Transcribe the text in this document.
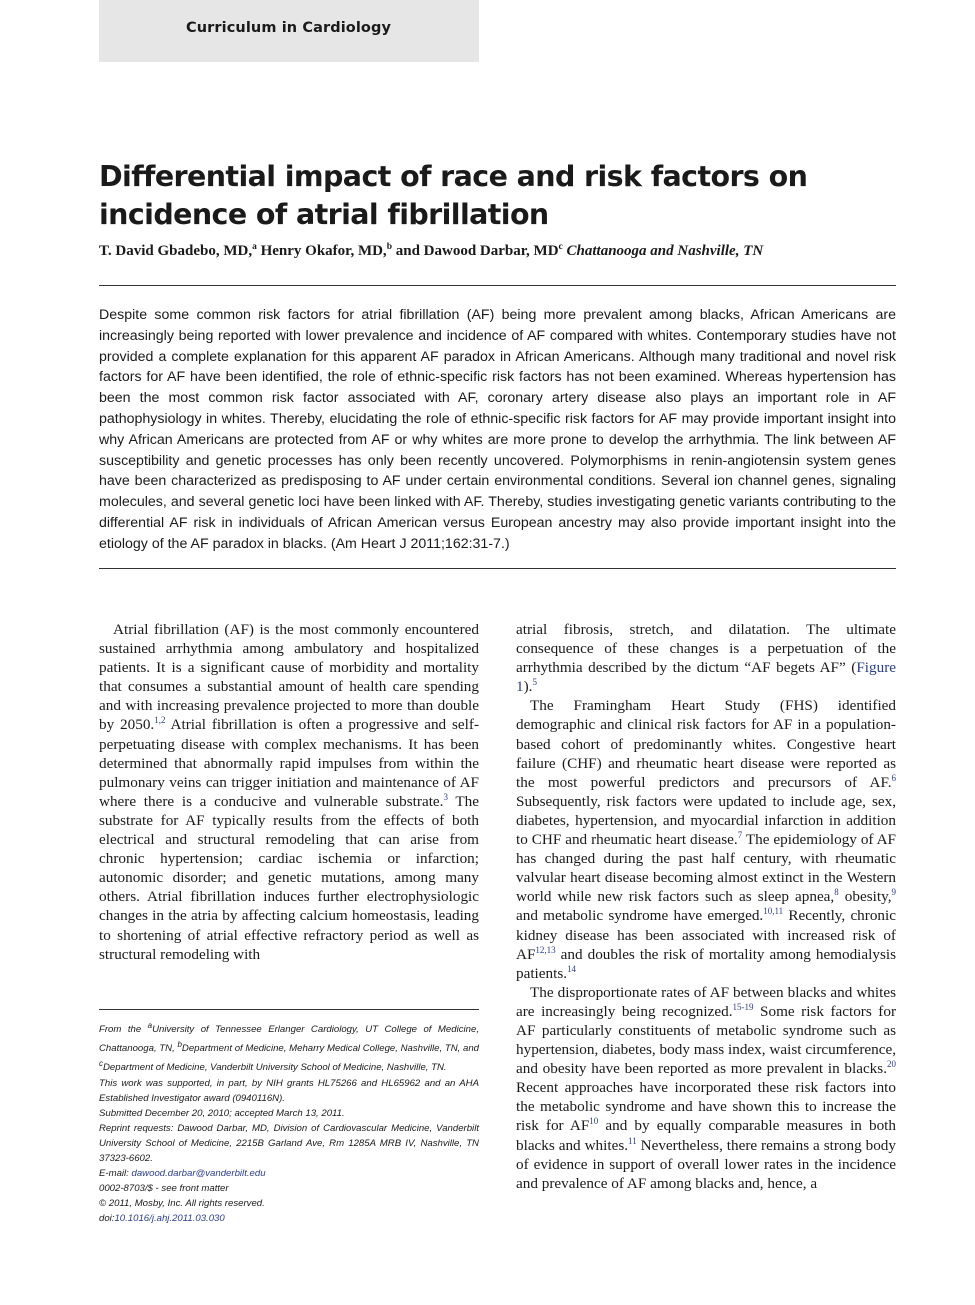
Curriculum in Cardiology
Differential impact of race and risk factors on incidence of atrial fibrillation
T. David Gbadebo, MD,$^a$ Henry Okafor, MD,$^b$ and Dawood Darbar, $MD^c$ Chattanooga and Nashville, TN

Despite some common risk factors for atrial fibrillation (AF) being more prevalent among blacks, African Americans are increasingly being reported with lower prevalence and incidence of AF compared with whites. Contemporary studies have not provided a complete explanation for this apparent AF paradox in African Americans. Although many traditional and novel risk factors for AF have been identified, the role of ethnic-specific risk factors has not been examined. Whereas hypertension has been the most common risk factor associated with AF, coronary artery disease also plays an important role in AF pathophysiology in whites. Thereby, elucidating the role of ethnic-specific risk factors for AF may provide important insight into why African Americans are protected from AF or why whites are more prone to develop the arrhythmia. The link between AF susceptibility and genetic processes has only been recently uncovered. Polymorphisms in renin-angiotensin system genes have been characterized as predisposing to AF under certain environmental conditions. Several ion channel genes, signaling molecules, and several genetic loci have been linked with AF. Thereby, studies investigating genetic variants contributing to the differential AF risk in individuals of African American versus European ancestry may also provide important insight into the etiology of the AF paradox in blacks. (Am Heart J 2011;162:31-7.)

Atrial fibrillation (AF) is the most commonly encountered sustained arrhythmia among ambulatory and hospitalized patients. It is a significant cause of morbidity and mortality that consumes a substantial amount of health care spending and with increasing prevalence projected to more than double by 2050.$^{1,2}$ Atrial fibrillation is often a progressive and self-perpetuating disease with complex mechanisms. It has been determined that abnormally rapid impulses from within the pulmonary veins can trigger initiation and maintenance of AF where there is a conducive and vulnerable substrate.$^3$ The substrate for AF typically results from the effects of both electrical and structural remodeling that can arise from chronic hypertension; cardiac ischemia or infarction; autonomic disorder; and genetic mutations, among many others. Atrial fibrillation induces further electrophysiologic changes in the atria by affecting calcium homeostasis, leading to shortening of atrial effective refractory period as well as structural remodeling with

atrial fibrosis, stretch, and dilatation. The ultimate consequence of these changes is a perpetuation of the arrhythmia described by the dictum “AF begets AF” (Figure 1).$^5$

The Framingham Heart Study (FHS) identified demographic and clinical risk factors for AF in a population-based cohort of predominantly whites. Congestive heart failure (CHF) and rheumatic heart disease were reported as the most powerful predictors and precursors of AF.$^6$ Subsequently, risk factors were updated to include age, sex, diabetes, hypertension, and myocardial infarction in addition to CHF and rheumatic heart disease.$^7$ The epidemiology of AF has changed during the past half century, with rheumatic valvular heart disease becoming almost extinct in the Western world while new risk factors such as sleep apnea,$^8$ obesity,$^9$ and metabolic syndrome have emerged.$^{10,11}$ Recently, chronic kidney disease has been associated with increased risk of AF$^{12,13}$ and doubles the risk of mortality among hemodialysis patients.$^{14}$

The disproportionate rates of AF between blacks and whites are increasingly being recognized.$^{15-19}$ Some risk factors for AF particularly constituents of metabolic syndrome such as hypertension, diabetes, body mass index, waist circumference, and obesity have been reported as more prevalent in blacks.$^{20}$ Recent approaches have incorporated these risk factors into the metabolic syndrome and have shown this to increase the risk for AF$^{10}$ and by equally comparable measures in both blacks and whites.$^{11}$ Nevertheless, there remains a strong body of evidence in support of overall lower rates in the incidence and prevalence of AF among blacks and, hence, a

From the $^a$University of Tennessee Erlanger Cardiology, UT College of Medicine, Chattanooga, TN, $^b$Department of Medicine, Meharry Medical College, Nashville, TN, and $^c$Department of Medicine, Vanderbilt University School of Medicine, Nashville, TN.
This work was supported, in part, by NIH grants HL75266 and HL65962 and an AHA Established Investigator award (0940116N).
Submitted December 20, 2010; accepted March 13, 2011.
Reprint requests: Dawood Darbar, MD, Division of Cardiovascular Medicine, Vanderbilt University School of Medicine, 2215B Garland Ave, Rm 1285A MRB IV, Nashville, TN 37323-6602.
E-mail: dawood.darbar@vanderbilt.edu
0002-8703/$ - see front matter
© 2011, Mosby, Inc. All rights reserved.
doi:10.1016/j.ahj.2011.03.030
